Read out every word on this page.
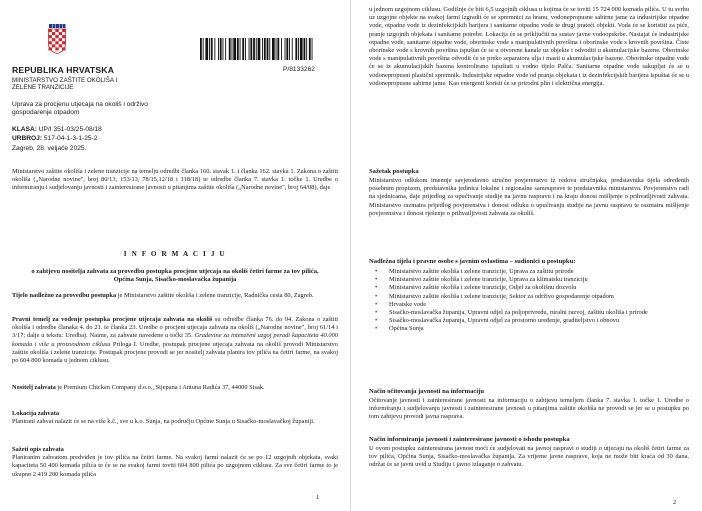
P/8133262
REPUBLIKA HRVATSKA
MINISTARSTVO ZAŠTITE OKOLIŠA I ZELENE TRANZICIJE
Uprava za procjenu utjecaja na okoliš i održivo gospodarenje otpadom
KLASA: UP/I 351-03/25-08/18
URBROJ: 517-04-1-3-1-25-2
Zagreb, 28. veljače 2025.
Ministarstvo zaštite okoliša i zelene tranzicije na temelju odredbi članka 160. stavak 1. i članka 162. stavka 1. Zakona o zaštiti okoliša („Narodne novine", broj 80/13, 153/13, 78/15,12/18 i 118/18) te odredbe članka 7. stavka 1. točke 1. Uredbe o informiranju i sudjelovanju javnosti i zainteresirane javnosti u pitanjima zaštite okoliša („Narodne novine", broj 64/08), daje
I N F O R M A C I J U
o zahtjevu nositelja zahvata za provedbu postupka procjene utjecaja na okoliš četiri farme za tov pilića, Općina Sunja, Sisačko-moslavačka županija
Tijelo nadležno za provedbu postupka je Ministarstvo zaštite okoliša i zelene tranzicije, Radnička cesta 80, Zagreb.
Pravni temelj za vođenje postupka procjene utjecaja zahvata na okoliš su odredbe članka 76. do 94. Zakona o zaštiti okoliša i odredbe članaka 4. do 21. te članka 23. Uredbe o procjeni utjecaja zahvata na okoliš („Narodne novine", broj 61/14 i 3/17; dalje u tekstu: Uredba). Naime, za zahvate navedene u točki 35. Gradevine za intenzivni uzgoj peradi kapaciteta 40.000 komada i više u proizvodnom ciklusu Priloga I. Uredbe, postupak procjene utjecaja zahvata na okoliš provodi Ministarstvo zaštite okoliša i zelene tranzicije. Postupak procjene provodi se jer nositelj zahvata planira tov pilića na četiri farme, na svakoj po 604 800 komada u jednom ciklusu.
Nositelj zahvata je Premium Chicken Company d.o.o., Stjepana i Antuna Radića 37, 44000 Sisak.
Lokacija zahvata
Planirani zahvat nalazit će se na više k.č., sve u k.o. Sunja, na području Općine Sunja u Sisačko-moslavačkoj županiji.
Sažeti opis zahvata
Planiranim zahvatom predviđen je tov pilića na četiri farme. Na svakoj farmi nalazit će se po 12 uzgojnih objekata, svaki kapaciteta 50 400 komada pilića te će se na svakoj farmi toviti 604 800 pilića po uzgojnom ciklusu. Za sve četiri farme to je ukupno 2 419 200 komada pilića
1
u jednom uzgojnom ciklusu. Godišnje će biti 6,5 uzgojnih ciklusa u kojima će se toviti 15 724 000 komada pilića. U tu svrhu uz uzgojne objekte na svakoj farmi izgradit će se spremnici za hranu, vodonepropusne sabirne jame za industrijske otpadne vode, otpadne vode iz dezinfekcijskih barijera i sanitarne otpadne vode te drugi prateći objekti. Voda će se koristiti za piće, pranje uzgojnih objekata i sanitarne potrebe. Lokacija će se priključiti na sustav javne vodoopskrbe. Nastajat će industrijske otpadne vode, sanitarne otpadne vode, oborinske vode s manipulativnih površina i oborinske vode s krovnih površina. Čiste oborinske vode s krovnih površina ispuštat će se u otvorene kanale uz objekte i odvoditi u akumulacijske bazene. Oborinske vode s manipulativnih površina odvodit će se preko separatora ulja i masti u akumulacijske bazene. Oborinske otpadne vode će se iz akumulacijskih bazena kontrolirano ispuštati u vodno tijelo Palča. Sanitarne otpadne vode sakupljat će se u vodonepropusni plastični spremnik. Industrijske otpadne vode od pranja objekata i iz dezinfekcijskih barijera ispuštat će se u vodonepropusne sabirne jame. Kao energenti koristi će se prirodni plin i električna energija.
Sažetak postupka
Ministarstvo odlukom imenuje savjetodavno stručno povjerenstvo iz redova stručnjaka, predstavnika tijela određenih posebnim propisom, predstavnika jedinica lokalne i regionalne samouprave te predstavnika ministarstva. Povjerenstvo radi na sjednicama, daje prijedlog za upućivanje studije na javnu raspravu i na kraju donosi mišljenje o prihvatljivosti zahvata. Ministarstvo razmatra prijedlog povjerenstva i donosi odluku o upućivanju studije na javnu raspravu te razmatra mišljenje povjerenstva i donosi rješenje o prihvatljivosti zahvata za okoliš.
Nadležna tijela i pravne osobe s javnim ovlastima – sudionici u postupku:
• Ministarstvo zaštite okoliša i zelene tranzicije, Uprava za zaštitu prirode
• Ministarstvo zaštite okoliša i zelene tranzicije, Uprava za klimatsku tranziciju
• Ministarstvo zaštite okoliša i zelene tranzicije, Odjel za okolišnu dozvolu
• Ministarstvo zaštite okoliša i zelene tranzicije, Sektor za održivo gospodarenje otpadom
• Hrvatske vode
• Sisačko-moslavačka županija, Upravni odjel za poljoprivredu, ruralni razvoj, zaštitu okoliša i prirode
• Sisačko-moslavačka županija, Upravni odjel za prostorno uređenje, graditeljstvo i obnovu
• Općina Sunja
Način očitovanja javnosti na informaciju
Očitovanje javnosti i zainteresirane javnosti na informaciju o zahtjevu temeljem članka 7. stavka 1. točke 1. Uredbe o informiranju i sudjelovanju javnosti i zainteresirane javnosti u pitanjima zaštite okoliša ne provodi se jer se u postupku po tom zahtjevu provodi javna rasprava.
Način informiranja javnosti i zainteresirane javnosti o ishodu postupka
U ovom postupku zainteresirana javnost moći će sudjelovati na javnoj raspravi o studiji o utjecaju na okoliš četiri farme za tov pilića, Općina Sunja, Sisačko-moslavačka županija. Za vrijeme javne rasprave, koja ne može biti kraća od 30 dana, održat će se javni uvid u Studiju i javno izlaganje o zahvatu.
2
